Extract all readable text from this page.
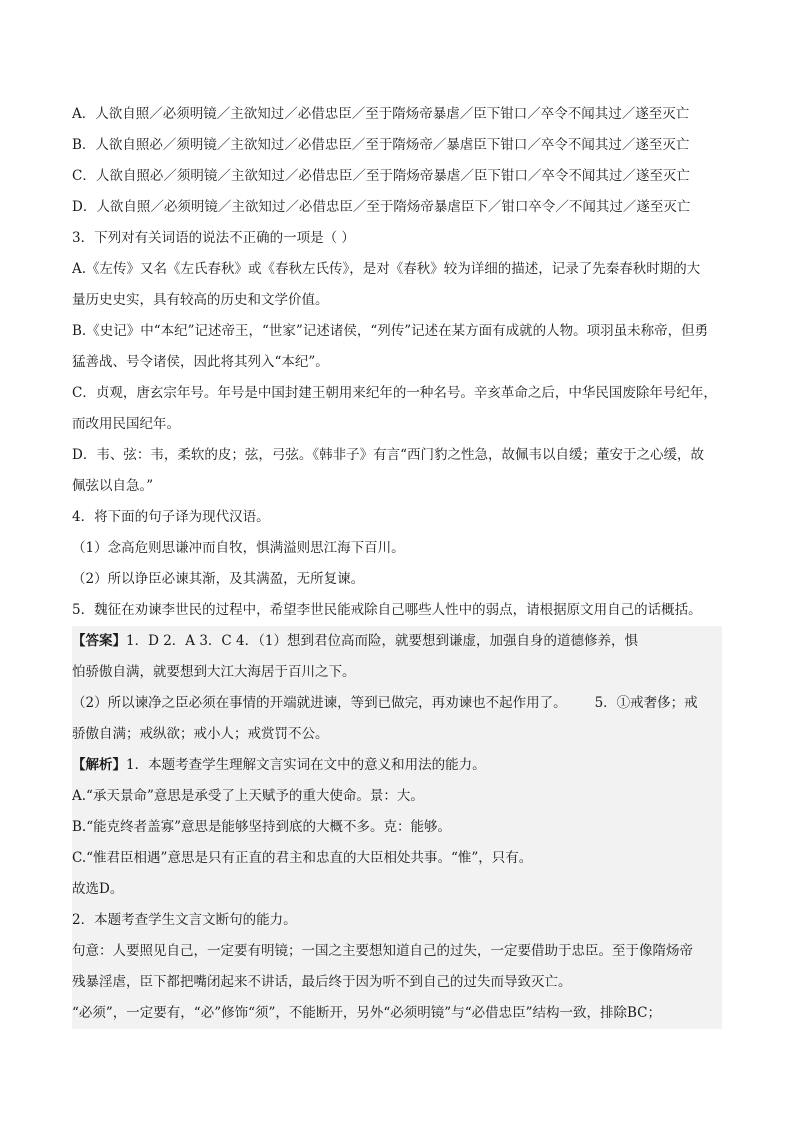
A．人欲自照／必须明镜／主欲知过／必借忠臣／至于隋炀帝暴虐／臣下钳口／卒令不闻其过／遂至灭亡
B．人欲自照必／须明镜／主欲知过／必借忠臣／至于隋炀帝／暴虐臣下钳口／卒令不闻其过／遂至灭亡
C．人欲自照必／须明镜／主欲知过／必借忠臣／至于隋炀帝暴虐／臣下钳口／卒令不闻其过／遂至灭亡
D．人欲自照／必须明镜／主欲知过／必借忠臣／至于隋炀帝暴虐臣下／钳口卒令／不闻其过／遂至灭亡
3．下列对有关词语的说法不正确的一项是（ ）
A.《左传》又名《左氏春秋》或《春秋左氏传》，是对《春秋》较为详细的描述，记录了先秦春秋时期的大
量历史史实，具有较高的历史和文学价值。
B.《史记》中“本纪”记述帝王，“世家”记述诸侯，“列传”记述在某方面有成就的人物。项羽虽未称帝，但勇
猛善战、号令诸侯，因此将其列入“本纪”。
C．贞观，唐玄宗年号。年号是中国封建王朝用来纪年的一种名号。辛亥革命之后，中华民国废除年号纪年，
而改用民国纪年。
D．韦、弦：韦，柔软的皮；弦，弓弦。《韩非子》有言“西门豹之性急，故佩韦以自缓；董安于之心缓，故
佩弦以自急。”
4．将下面的句子译为现代汉语。
（1）念高危则思谦冲而自牧，惧满溢则思江海下百川。
（2）所以诤臣必谏其渐，及其满盈，无所复谏。
5．魏征在劝谏李世民的过程中，希望李世民能戒除自己哪些人性中的弱点，请根据原文用自己的话概括。
【答案】1．D 2．A 3．C 4．（1）想到君位高而险，就要想到谦虚，加强自身的道德修养，惧
怕骄傲自满，就要想到大江大海居于百川之下。
（2）所以谏净之臣必须在事情的开端就进谏，等到已做完，再劝谏也不起作用了。 5．①戒奢侈；戒
骄傲自满；戒纵欲；戒小人；戒赏罚不公。
【解析】1．本题考查学生理解文言实词在文中的意义和用法的能力。
A.“承天景命”意思是承受了上天赋予的重大使命。景：大。
B.“能克终者盖寡”意思是能够坚持到底的大概不多。克：能够。
C.“惟君臣相遇”意思是只有正直的君主和忠直的大臣相处共事。“惟”，只有。
故选D。
2．本题考查学生文言文断句的能力。
句意：人要照见自己，一定要有明镜；一国之主要想知道自己的过失，一定要借助于忠臣。至于像隋炀帝
残暴淫虐，臣下都把嘴闭起来不讲话，最后终于因为听不到自己的过失而导致灭亡。
“必须”，一定要有，“必”修饰“须”，不能断开，另外“必须明镜”与“必借忠臣”结构一致，排除BC；
